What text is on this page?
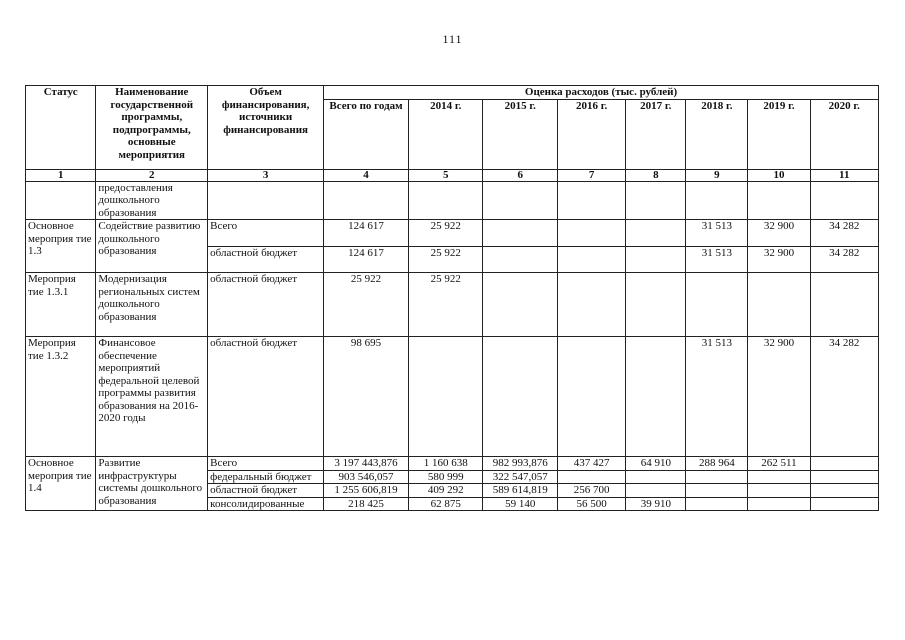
111
Статус	Наименование государственной программы, подпрограммы, основные мероприятия	Объем финансирования, источники финансирования	Оценка расходов (тыс. рублей)							
			Всего по годам	2014 г.	2015 г.	2016 г.	2017 г.	2018 г.	2019 г.	2020 г.
1	2	3	4	5	6	7	8	9	10	11
	предоставления дошкольного образования									
Основное мероприя тие 1.3	Содействие развитию дошкольного образования	Всего	124 617	25 922				31 513	32 900	34 282
		областной бюджет	124 617	25 922				31 513	32 900	34 282
Мероприя тие 1.3.1	Модернизация региональных систем дошкольного образования	областной бюджет	25 922	25 922						
Мероприя тие 1.3.2	Финансовое обеспечение мероприятий федеральной целевой программы развития образования на 2016-2020 годы	областной бюджет	98 695					31 513	32 900	34 282
Основное мероприя тие 1.4	Развитие инфраструктуры системы дошкольного образования	Всего	3 197 443,876	1 160 638	982 993,876	437 427	64 910	288 964	262 511	
		федеральный бюджет	903 546,057	580 999	322 547,057					
		областной бюджет	1 255 606,819	409 292	589 614,819	256 700				
		консолидированные	218 425	62 875	59 140	56 500	39 910			
